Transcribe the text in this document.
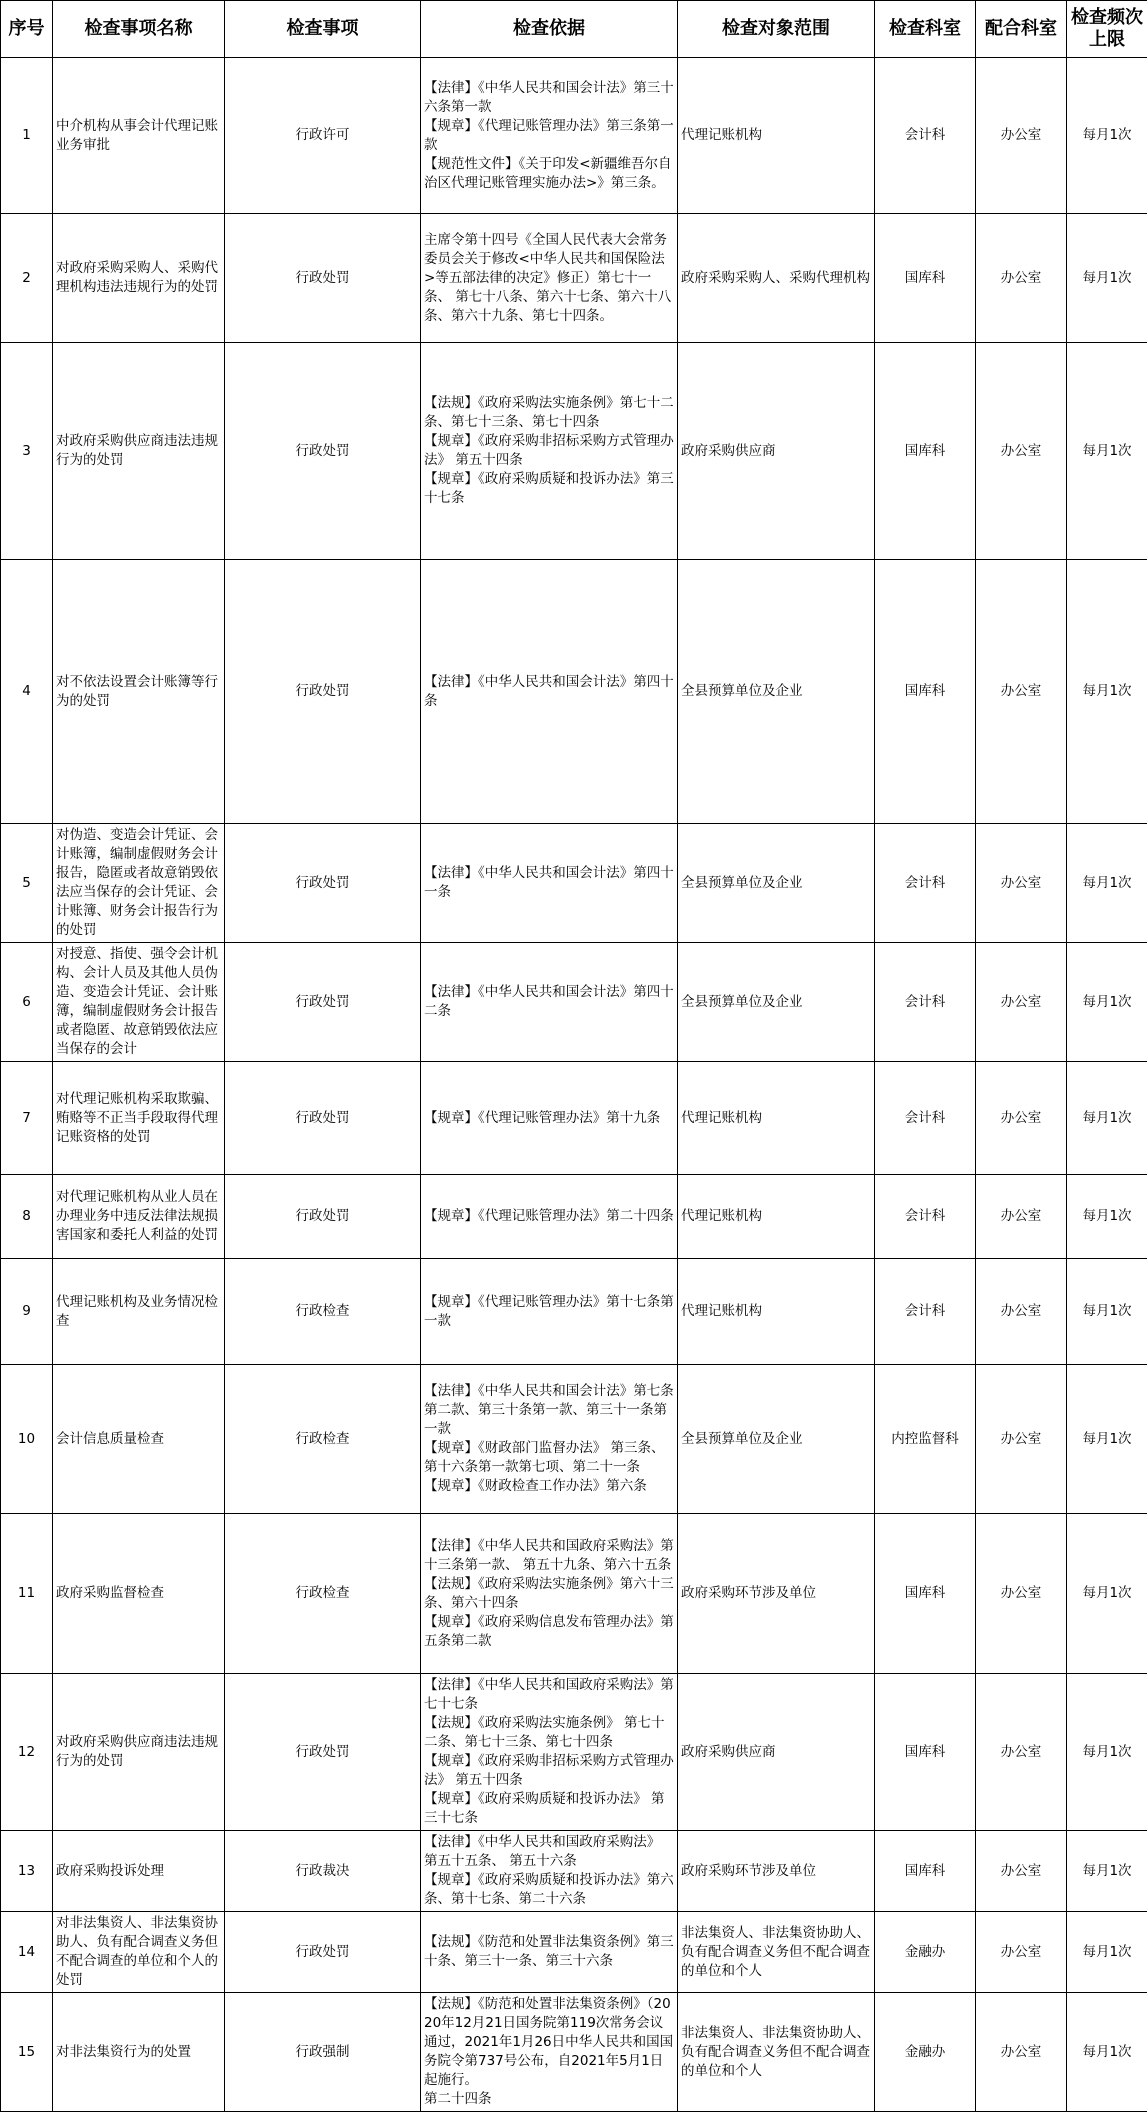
序号	检查事项名称	检查事项	检查依据	检查对象范围	检查科室	配合科室	检查频次上限
1	中介机构从事会计代理记账业务审批	行政许可	【法律】《中华人民共和国会计法》第三十六条第一款
【规章】《代理记账管理办法》第三条第一款
【规范性文件】《关于印发<新疆维吾尔自治区代理记账管理实施办法>》第三条。	代理记账机构	会计科	办公室	每月1次
2	对政府采购采购人、采购代理机构违法违规行为的处罚	行政处罚	主席令第十四号《全国人民代表大会常务委员会关于修改<中华人民共和国保险法>等五部法律的决定》修正）第七十一条、 第七十八条、第六十七条、第六十八条、第六十九条、第七十四条。	政府采购采购人、采购代理机构	国库科	办公室	每月1次
3	对政府采购供应商违法违规行为的处罚	行政处罚	【法规】《政府采购法实施条例》第七十二条、第七十三条、第七十四条
【规章】《政府采购非招标采购方式管理办法》 第五十四条
【规章】《政府采购质疑和投诉办法》第三十七条	政府采购供应商	国库科	办公室	每月1次
4	对不依法设置会计账簿等行为的处罚	行政处罚	【法律】《中华人民共和国会计法》第四十条	全县预算单位及企业	国库科	办公室	每月1次
5	对伪造、变造会计凭证、会计账簿，编制虚假财务会计报告，隐匿或者故意销毁依法应当保存的会计凭证、会计账簿、财务会计报告行为的处罚	行政处罚	【法律】《中华人民共和国会计法》第四十一条	全县预算单位及企业	会计科	办公室	每月1次
6	对授意、指使、强令会计机构、会计人员及其他人员伪造、变造会计凭证、会计账簿，编制虚假财务会计报告或者隐匿、故意销毁依法应当保存的会计	行政处罚	【法律】《中华人民共和国会计法》第四十二条	全县预算单位及企业	会计科	办公室	每月1次
7	对代理记账机构采取欺骗、贿赂等不正当手段取得代理记账资格的处罚	行政处罚	【规章】《代理记账管理办法》第十九条	代理记账机构	会计科	办公室	每月1次
8	对代理记账机构从业人员在办理业务中违反法律法规损害国家和委托人利益的处罚	行政处罚	【规章】《代理记账管理办法》第二十四条	代理记账机构	会计科	办公室	每月1次
9	代理记账机构及业务情况检查	行政检查	【规章】《代理记账管理办法》第十七条第一款	代理记账机构	会计科	办公室	每月1次
10	会计信息质量检查	行政检查	【法律】《中华人民共和国会计法》第七条第二款、第三十条第一款、第三十一条第一款
【规章】《财政部门监督办法》 第三条、第十六条第一款第七项、第二十一条
【规章】《财政检查工作办法》第六条	全县预算单位及企业	内控监督科	办公室	每月1次
11	政府采购监督检查	行政检查	【法律】《中华人民共和国政府采购法》第十三条第一款、 第五十九条、第六十五条
【法规】《政府采购法实施条例》第六十三条、第六十四条
【规章】《政府采购信息发布管理办法》第五条第二款	政府采购环节涉及单位	国库科	办公室	每月1次
12	对政府采购供应商违法违规行为的处罚	行政处罚	【法律】《中华人民共和国政府采购法》第七十七条
【法规】《政府采购法实施条例》 第七十二条、第七十三条、第七十四条
【规章】《政府采购非招标采购方式管理办法》 第五十四条
【规章】《政府采购质疑和投诉办法》 第三十七条	政府采购供应商	国库科	办公室	每月1次
13	政府采购投诉处理	行政裁决	【法律】《中华人民共和国政府采购法》 第五十五条、 第五十六条
【规章】《政府采购质疑和投诉办法》第六条、第十七条、第二十六条	政府采购环节涉及单位	国库科	办公室	每月1次
14	对非法集资人、非法集资协助人、负有配合调查义务但不配合调查的单位和个人的处罚	行政处罚	【法规】《防范和处置非法集资条例》第三十条、第三十一条、第三十六条	非法集资人、非法集资协助人、负有配合调查义务但不配合调查的单位和个人	金融办	办公室	每月1次
15	对非法集资行为的处置	行政强制	【法规】《防范和处置非法集资条例》（2020年12月21日国务院第119次常务会议通过，2021年1月26日中华人民共和国国务院令第737号公布，自2021年5月1日起施行。
第二十四条	非法集资人、非法集资协助人、负有配合调查义务但不配合调查的单位和个人	金融办	办公室	每月1次
